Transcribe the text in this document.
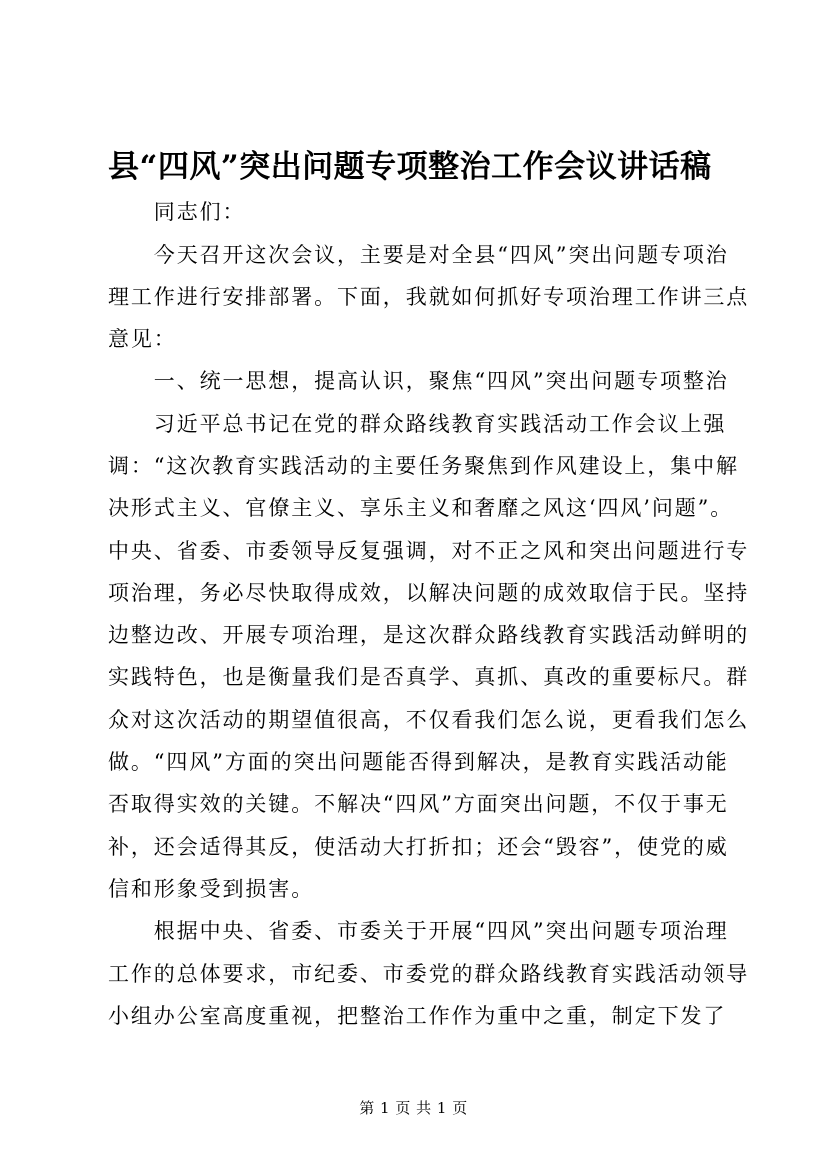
县“四风”突出问题专项整治工作会议讲话稿
　　同志们：
　　今天召开这次会议，主要是对全县“四风”突出问题专项治
理工作进行安排部署。下面，我就如何抓好专项治理工作讲三点
意见：
　　一、统一思想，提高认识，聚焦“四风”突出问题专项整治
　　习近平总书记在党的群众路线教育实践活动工作会议上强
调：“这次教育实践活动的主要任务聚焦到作风建设上，集中解
决形式主义、官僚主义、享乐主义和奢靡之风这‘四风’问题”。
中央、省委、市委领导反复强调，对不正之风和突出问题进行专
项治理，务必尽快取得成效，以解决问题的成效取信于民。坚持
边整边改、开展专项治理，是这次群众路线教育实践活动鲜明的
实践特色，也是衡量我们是否真学、真抓、真改的重要标尺。群
众对这次活动的期望值很高，不仅看我们怎么说，更看我们怎么
做。“四风”方面的突出问题能否得到解决，是教育实践活动能
否取得实效的关键。不解决“四风”方面突出问题，不仅于事无
补，还会适得其反，使活动大打折扣；还会“毁容”，使党的威
信和形象受到损害。
　　根据中央、省委、市委关于开展“四风”突出问题专项治理
工作的总体要求，市纪委、市委党的群众路线教育实践活动领导
小组办公室高度重视，把整治工作作为重中之重，制定下发了
第 1 页 共 1 页
